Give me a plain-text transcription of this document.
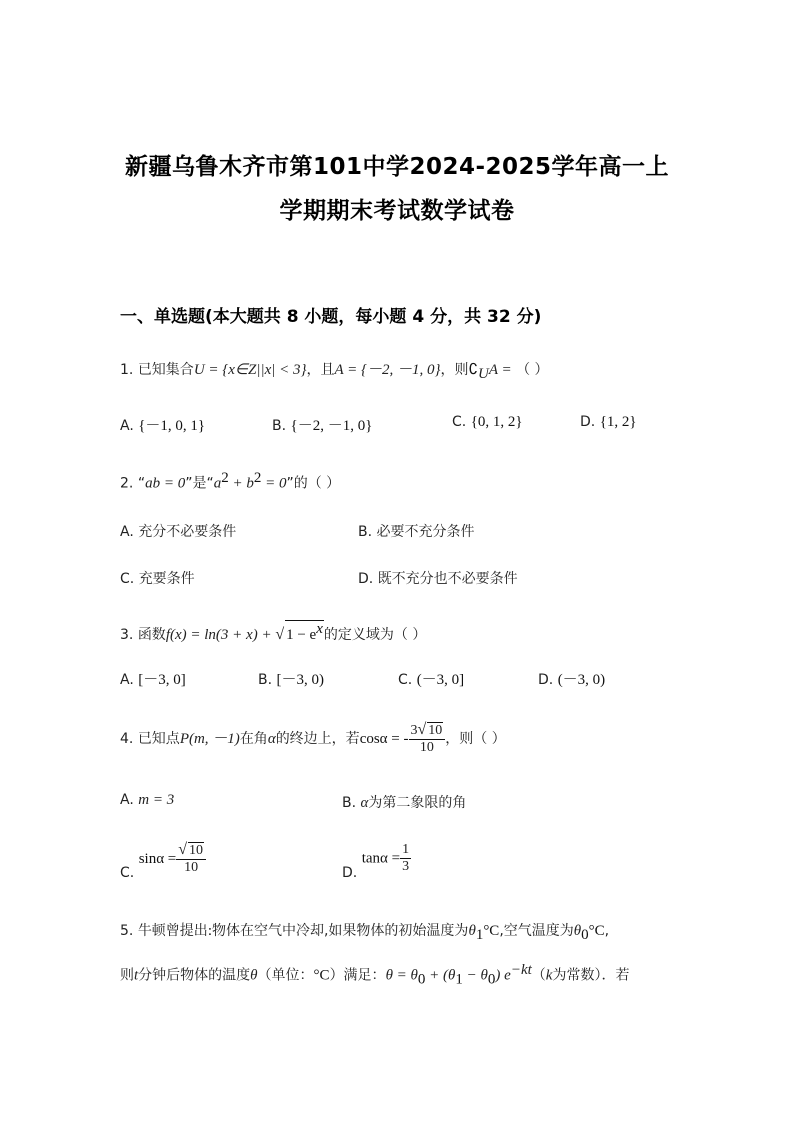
新疆乌鲁木齐市第101中学2024-2025学年高一上
学期期末考试数学试卷
一、单选题(本大题共 8 小题，每小题 4 分，共 32 分)
1. 已知集合U = {x∈Z||x| < 3}，且A = {－2, －1, 0}，则$∁_UA$ = （ ）
A. {－1, 0, 1}	B. {－2, －1, 0}	C. {0, 1, 2}	D. {1, 2}
2. “ab = 0”是“$a^2 + b^2 = 0$”的（ ）
A. 充分不必要条件	B. 必要不充分条件
C. 充要条件	D. 既不充分也不必要条件
3. 函数f(x) = ln(3 + x) + √ $1 - e^x$的定义域为（ ）
A. [－3, 0]	B. [－3, 0)	C. (－3, 0]	D. (－3, 0)
4. 已知点P(m, －1)在角α的终边上，若cosα = - $\frac{3√ 10}{10}$ ，则（ ）
A. m = 3	B. α为第二象限的角
C. $\sin\alpha = \frac{√ 10}{10}$	D. $\tan\alpha = \frac{1}{3}$
5. 牛顿曾提出:物体在空气中冷却,如果物体的初始温度为$\theta_1^\circ C$,空气温度为$\theta_0^\circ C$,
则t分钟后物体的温度θ（单位：°C）满足：$\theta = \theta_0 + (\theta_1 - \theta_0)$ $e^{-kt}(k$为常数）．若
